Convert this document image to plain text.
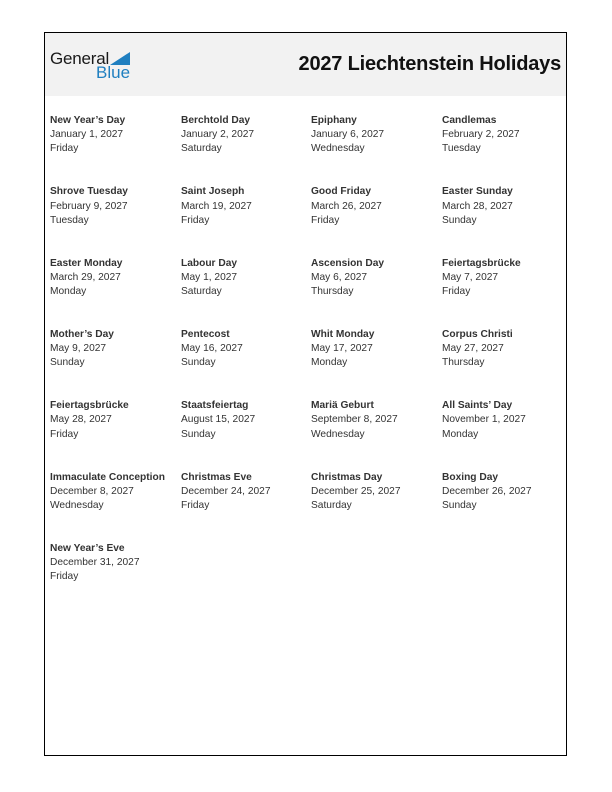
General
Blue	2027 Liechtenstein Holidays
New Year’s Day
January 1, 2027
Friday
Berchtold Day
January 2, 2027
Saturday
Epiphany
January 6, 2027
Wednesday
Candlemas
February 2, 2027
Tuesday
Shrove Tuesday
February 9, 2027
Tuesday
Saint Joseph
March 19, 2027
Friday
Good Friday
March 26, 2027
Friday
Easter Sunday
March 28, 2027
Sunday
Easter Monday
March 29, 2027
Monday
Labour Day
May 1, 2027
Saturday
Ascension Day
May 6, 2027
Thursday
Feiertagsbrücke
May 7, 2027
Friday
Mother’s Day
May 9, 2027
Sunday
Pentecost
May 16, 2027
Sunday
Whit Monday
May 17, 2027
Monday
Corpus Christi
May 27, 2027
Thursday
Feiertagsbrücke
May 28, 2027
Friday
Staatsfeiertag
August 15, 2027
Sunday
Mariä Geburt
September 8, 2027
Wednesday
All Saints’ Day
November 1, 2027
Monday
Immaculate Conception
December 8, 2027
Wednesday
Christmas Eve
December 24, 2027
Friday
Christmas Day
December 25, 2027
Saturday
Boxing Day
December 26, 2027
Sunday
New Year’s Eve
December 31, 2027
Friday
